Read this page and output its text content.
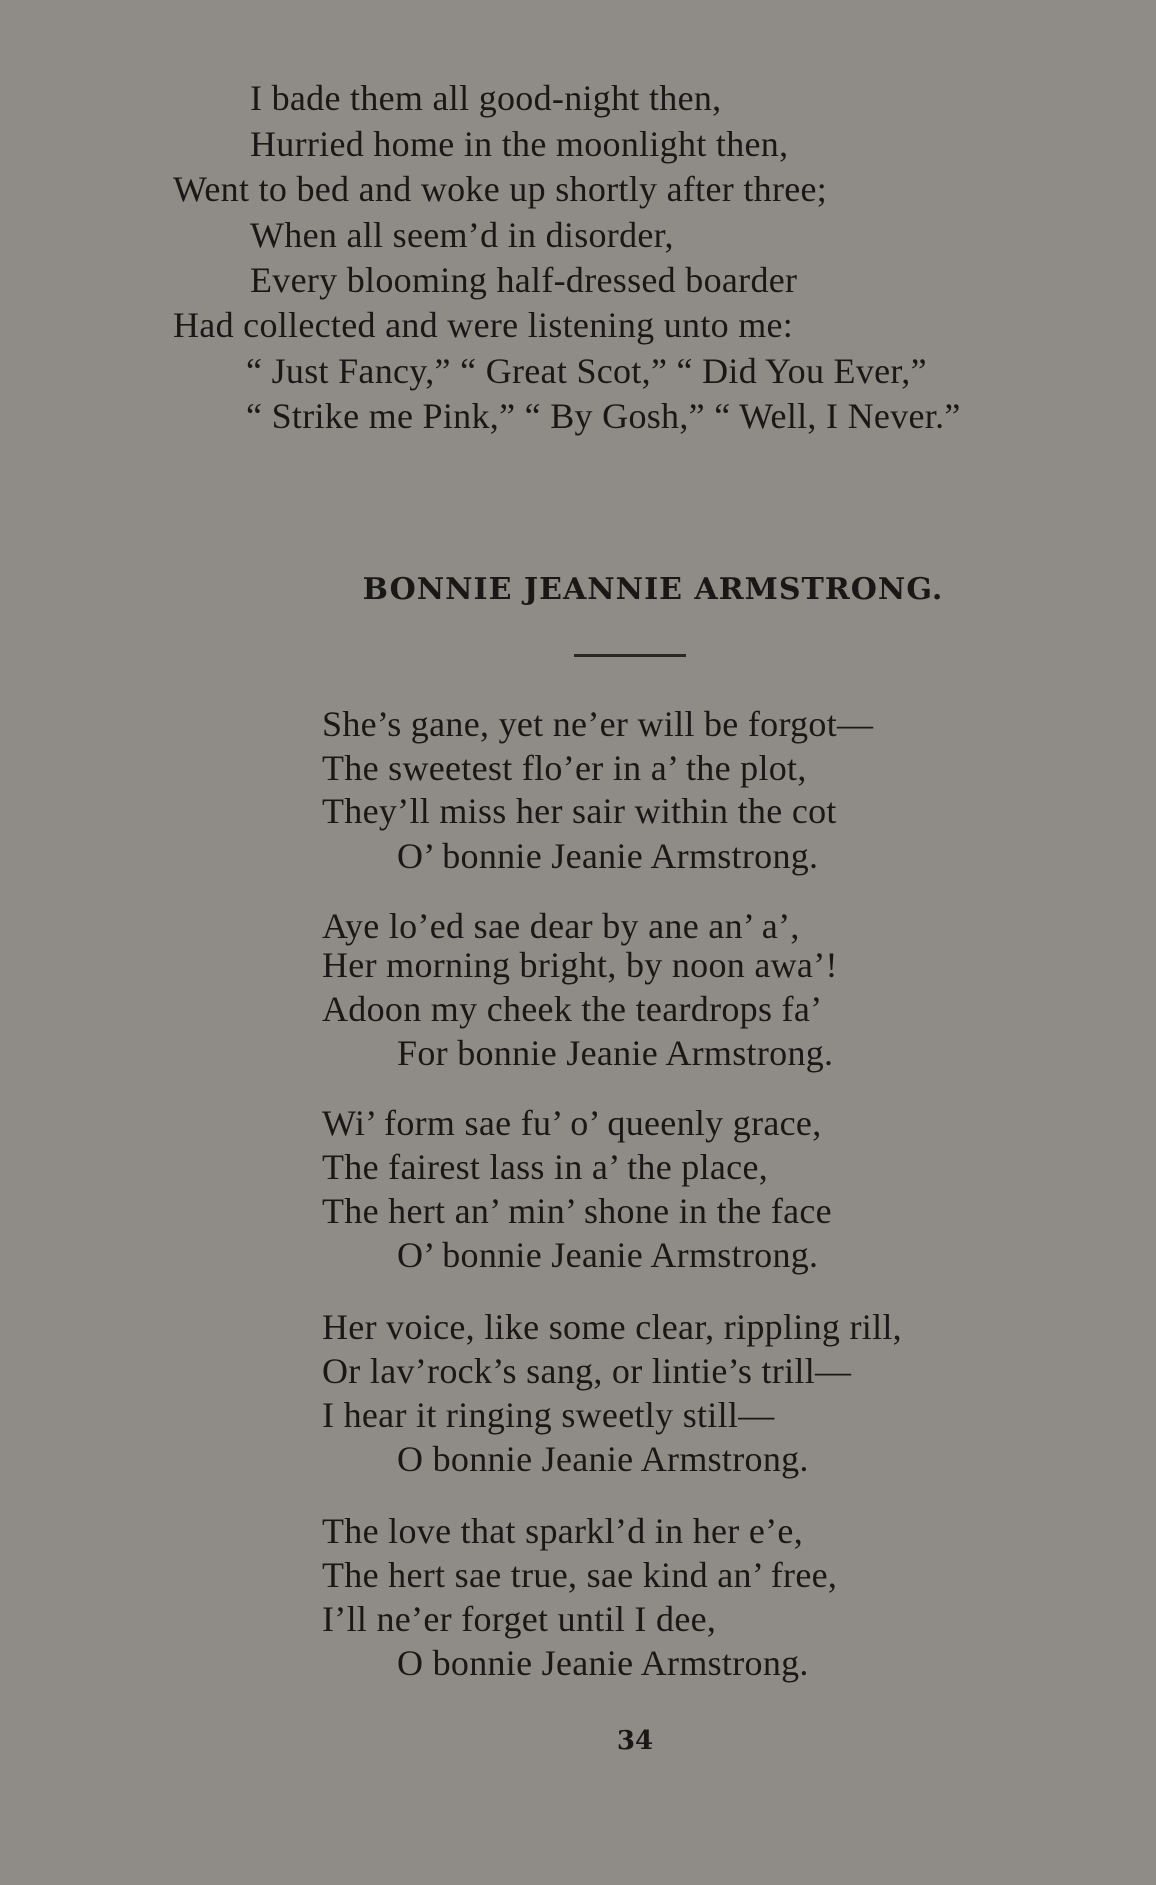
I bade them all good-night then,
Hurried home in the moonlight then,
Went to bed and woke up shortly after three;
When all seem’d in disorder,
Every blooming half-dressed boarder
Had collected and were listening unto me:
“ Just Fancy,” “ Great Scot,” “ Did You Ever,”
“ Strike me Pink,” “ By Gosh,” “ Well, I Never.”
BONNIE JEANNIE ARMSTRONG.
She’s gane, yet ne’er will be forgot—
The sweetest flo’er in a’ the plot,
They’ll miss her sair within the cot
O’ bonnie Jeanie Armstrong.
Aye lo’ed sae dear by ane an’ a’,
Her morning bright, by noon awa’!
Adoon my cheek the teardrops fa’
For bonnie Jeanie Armstrong.
Wi’ form sae fu’ o’ queenly grace,
The fairest lass in a’ the place,
The hert an’ min’ shone in the face
O’ bonnie Jeanie Armstrong.
Her voice, like some clear, rippling rill,
Or lav’rock’s sang, or lintie’s trill—
I hear it ringing sweetly still—
O bonnie Jeanie Armstrong.
The love that sparkl’d in her e’e,
The hert sae true, sae kind an’ free,
I’ll ne’er forget until I dee,
O bonnie Jeanie Armstrong.
34
